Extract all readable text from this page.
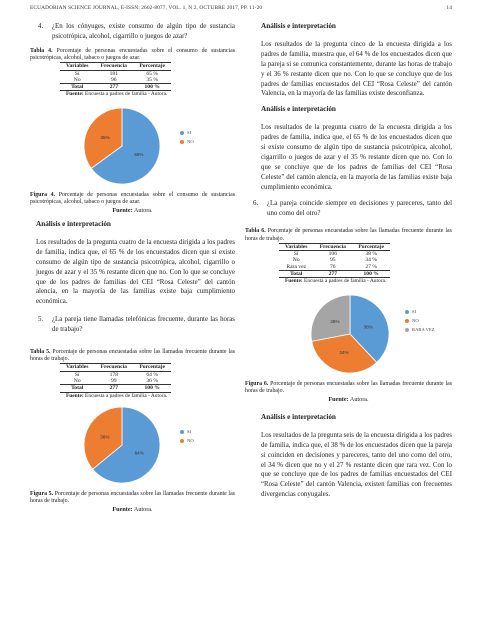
ECUADORIAN SCIENCE JOURNAL, E-ISSN: 2602-8077, VOL. 1, N 2, OCTUBRE 2017, PP. 11-20	14
4. ¿En los cónyuges, existe consumo de algún tipo de sustancia psicotrópica, alcohol, cigarrillo o juegos de azar?
Tabla 4. Porcentaje de personas encuestadas sobre el consumo de sustancias psicotrópicas, alcohol, tabaco o juegos de azar.
Variables	Frecuencia	Porcentaje
Sí	181	65 %
No	96	35 %
Total	277	100 %
Fuente: Encuesta a padres de familia - Autora.		
65%
35%
SI
NO
Figura 4. Porcentaje de personas encuestadas sobre el consumo de sustancias psicotrópicas, alcohol, tabaco o juegos de azar.
Fuente: Autora.
Análisis e interpretación

Los resultados de la pregunta cuatro de la encuesta dirigida a los padres de familia, indica que, el 65 % de los encuestados dicen que si existe consumo de algún tipo de sustancia psicotrópica, alcohol, cigarrillo o juegos de azar y el 35 % restante dicen que no. Con lo que se concluye que de los padres de familias del CEI “Rosa Celeste” del cantón alencia, en la mayoría de las familias existe baja cumplimiento económica.

5. ¿La pareja tiene llamadas telefónicas frecuente, durante las horas de trabajo?
Tabla 5. Porcentaje de personas encuestadas sobre las llamadas frecuente durante las horas de trabajo.
Variables	Frecuencia	Porcentaje
Sí	178	64 %
No	99	36 %
Total	277	100 %
Fuente: Encuesta a padres de familia - Autora.		
64%
36%
SI
NO
Figura 5. Porcentaje de personas encuestadas sobre las llamadas frecuente durante las horas de trabajo.
Fuente: Autora.
Análisis e interpretación

Los resultados de la pregunta cinco de la encuesta dirigida a los padres de familia, muestra que, el 64 % de los encuestados dicen que la pareja si se comunica constantemente, durante las horas de trabajo y el 36 % restante dicen que no. Con lo que se concluye que de los padres de familias encuestados del CEI “Rosa Celeste” del cantón Valencia, en la mayoría de las familias existe desconfianza.

Análisis e interpretación

Los resultados de la pregunta cuatro de la encuesta dirigida a los padres de familia, indica que, el 65 % de los encuestados dicen que si existe consumo de algún tipo de sustancia psicotrópica, alcohol, cigarrillo o juegos de azar y el 35 % restante dicen que no. Con lo que se concluye que de los padres de familias del CEI “Rosa Celeste” del cantón alencia, en la mayoría de las familias existe baja cumplimiento económica.

6. ¿La pareja coincide siempre en decisiones y pareceres, tanto del uno como del otro?
Tabla 6. Porcentaje de personas encuestadas sobre las llamadas frecuente durante las horas de trabajo.
Variables	Frecuencia	Porcentaje
Sí	106	38 %
No	95	34 %
Rara vez	76	27 %
Total	277	100 %
Fuente: Encuesta a padres de familia - Autora.		
38%
34%
28%
SI
NO
RARA VEZ
Figura 6. Porcentaje de personas encuestadas sobre las llamadas frecuente durante las horas de trabajo.
Fuente: Autora.
Análisis e interpretación

Los resultados de la pregunta seis de la encuesta dirigida a los padres de familia, indica que, el 38 % de los encuestados dicen que la pareja si coinciden en decisiones y pareceres, tanto del uno como del otro, el 34 % dicen que no y el 27 % restante dicen que rara vez. Con lo que se concluye que de los padres de familias encuestados del CEI “Rosa Celeste” del cantón Valencia, existen familias con frecuentes divergencias conyugales.
